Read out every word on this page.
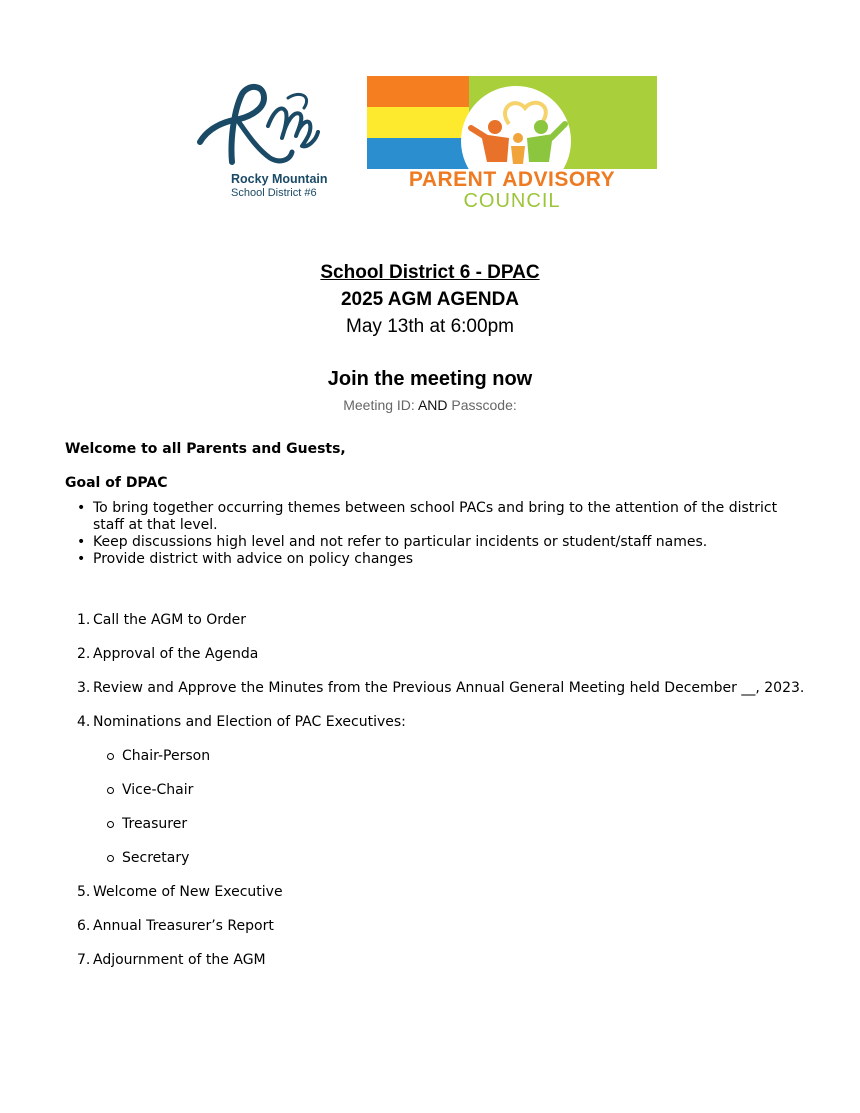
Rocky Mountain
School District #6
PARENT ADVISORY
COUNCIL
School District 6 - DPAC
2025 AGM AGENDA
May 13th at 6:00pm
Join the meeting now
Meeting ID: AND Passcode:
Welcome to all Parents and Guests,
Goal of DPAC
• To bring together occurring themes between school PACs and bring to the attention of the district staff at that level.
• Keep discussions high level and not refer to particular incidents or student/staff names.
• Provide district with advice on policy changes
1. Call the AGM to Order
2. Approval of the Agenda
3. Review and Approve the Minutes from the Previous Annual General Meeting held December __, 2023.
4. Nominations and Election of PAC Executives:
Chair-Person
Vice-Chair
Treasurer
Secretary
5. Welcome of New Executive
6. Annual Treasurer’s Report
7. Adjournment of the AGM
